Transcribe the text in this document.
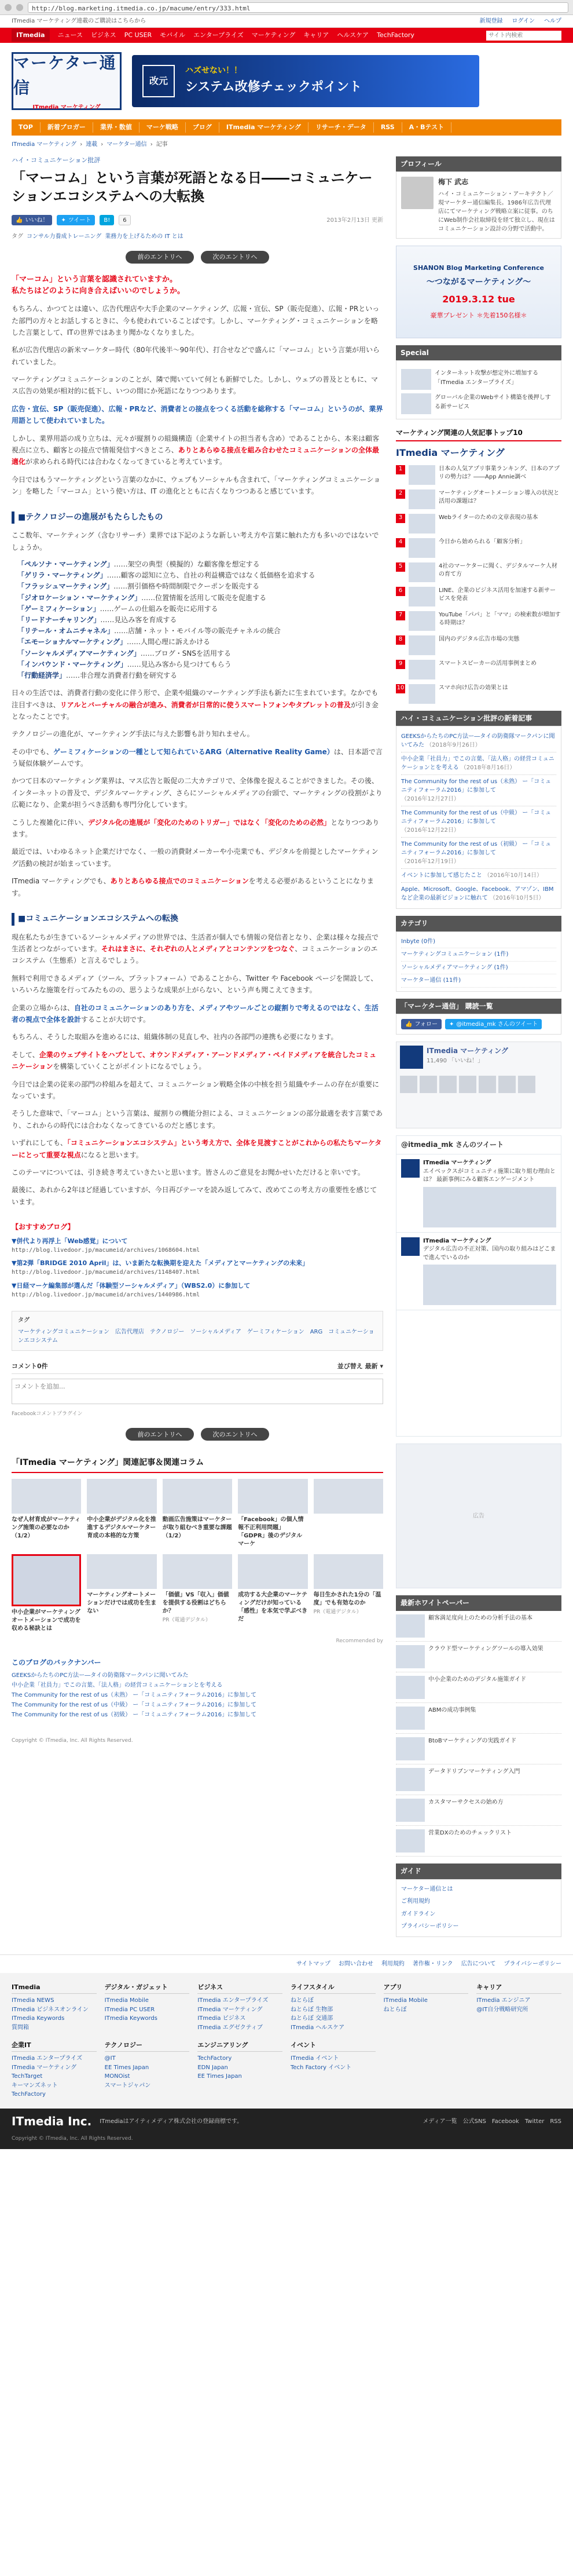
http://blog.marketing.itmedia.co.jp/macume/entry/333.html
ITmedia マーケティング連載のご購読はこちらから	新規登録 ログイン ヘルプ
ITmedia	ニュース ビジネス PC USER モバイル エンタープライズ マーケティング キャリア ヘルスケア TechFactory
サイト内検索
マーケター通信
ITmedia マーケティング
改元
ハズせない！！
システム改修チェックポイント
TOP	新着ブロガー	業界・数値	マーケ戦略	ブログ	ITmedia マーケティング	リサーチ・データ	RSS	A・Bテスト
ITmedia マーケティング › 連載 › マーケター通信 › 記事
ハイ・コミュニケーション批評
「マーコム」という言葉が死語となる日――コミュニケーションエコシステムへの大転換
👍 いいね！ ✦ ツイート B!	6	2013年2月13日 更新
タグ コンサル力養成トレーニング 業務力を上げるための IT とは
前のエントリへ	次のエントリへ
「マーコム」という言葉を認識されていますか。
私たちはどのように向き合えばいいのでしょうか。

もちろん、かつてとは違い、広告代理店や大手企業のマーケティング、広報・宣伝、SP（販売促進）、広報・PRといった部門の方々とお話しするときに、今も使われていることばです。しかし、マーケティング・コミュニケーションを略した言葉として、ITの世界ではあまり聞かなくなりました。

私が広告代理店の新米マーケター時代（80年代後半〜90年代）、打合せなどで盛んに「マーコム」という言葉が用いられていました。

マーケティングコミュニケーションのことが、隣で聞いていて何とも新鮮でした。しかし、ウェブの普及とともに、マス広告の効果が相対的に低下し、いつの間にか死語になりつつあります。

広告・宣伝、SP（販売促進）、広報・PRなど、消費者との接点をつくる活動を総称する「マーコム」というのが、業界用語として使われていました。

しかし、業界用語の成り立ちは、元々が縦割りの組織構造（企業サイトの担当者も含め）であることから、本来は顧客視点に立ち、顧客との接点で情報発信すべきところ、ありとあらゆる接点を組み合わせたコミュニケーションの全体最適化が求められる時代には合わなくなってきていると考えています。

今日ではもうマーケティングという言葉のなかに、ウェブもソーシャルも含まれて、「マーケティングコミュニケーション」を略した「マーコム」という使い方は、IT の進化とともに古くなりつつあると感じています。

■テクノロジーの進展がもたらしたもの

ここ数年、マーケティング（含むリサーチ）業界では下記のような新しい考え方や言葉に触れた方も多いのではないでしょうか。

「ペルソナ・マーケティング」……架空の典型（模擬的）な顧客像を想定する
「ゲリラ・マーケティング」……顧客の認知に立ち、自社の利益構造ではなく低価格を追求する
「フラッシュマーケティング」……割引価格や時間制限でクーポンを販売する
「ジオロケーション・マーケティング」……位置情報を活用して販売を促進する
「ゲーミフィケーション」……ゲームの仕組みを販売に応用する
「リードナーチャリング」……見込み客を育成する
「リテール・オムニチャネル」……店舗・ネット・モバイル等の販売チャネルの統合
「エモーショナルマーケティング」……人間心理に訴えかける
「ソーシャルメディアマーケティング」……ブログ・SNSを活用する
「インバウンド・マーケティング」……見込み客から見つけてもらう
「行動経済学」……非合理な消費者行動を研究する

日々の生活では、消費者行動の変化に伴う形で、企業や組織のマーケティング手法も新たに生まれています。なかでも注目すべきは、リアルとバーチャルの融合が進み、消費者が日常的に使うスマートフォンやタブレットの普及が引き金となったことです。

テクノロジーの進化が、マーケティング手法に与えた影響も計り知れません。

その中でも、ゲーミフィケーションの一種として知られているARG（Alternative Reality Game）は、日本語で言う疑似体験ゲームです。

かつて日本のマーケティング業界は、マス広告と販促の二大カテゴリで、全体像を捉えることができました。その後、インターネットの普及で、デジタルマーケティング、さらにソーシャルメディアの台頭で、マーケティングの役割がより広範になり、企業が担うべき活動も専門分化しています。

こうした複雑化に伴い、デジタル化の進展が「変化のためのトリガー」ではなく「変化のための必然」となりつつあります。

最近では、いわゆるネット企業だけでなく、一般の消費財メーカーや小売業でも、デジタルを前提としたマーケティング活動の検討が始まっています。

ITmedia マーケティングでも、ありとあらゆる接点でのコミュニケーションを考える必要があるということになります。

■コミュニケーションエコシステムへの転換

現在私たちが生きているソーシャルメディアの世界では、生活者が個人でも情報の発信者となり、企業は様々な接点で生活者とつながっています。それはまさに、それぞれの人とメディアとコンテンツをつなぐ、コミュニケーションのエコシステム（生態系）と言えるでしょう。

無料で利用できるメディア（ツール、プラットフォーム）であることから、Twitter や Facebook ページを開設して、いろいろな施策を行ってみたものの、思うような成果が上がらない、という声も聞こえてきます。

企業の立場からは、自社のコミュニケーションのあり方を、メディアやツールごとの縦割りで考えるのではなく、生活者の視点で全体を設計することが大切です。

もちろん、そうした取組みを進めるには、組織体制の見直しや、社内の各部門の連携も必要になります。

そして、企業のウェブサイトをハブとして、オウンドメディア・アーンドメディア・ペイドメディアを統合したコミュニケーションを構築していくことがポイントになるでしょう。

今日では企業の従来の部門の枠組みを超えて、コミュニケーション戦略全体の中核を担う組織やチームの存在が重要になっています。

そうした意味で、「マーコム」という言葉は、縦割りの機能分担による、コミュニケーションの部分最適を表す言葉であり、これからの時代には合わなくなってきているのだと感じます。

いずれにしても、「コミュニケーションエコシステム」という考え方で、全体を見渡すことがこれからの私たちマーケターにとって重要な視点になると思います。

このテーマについては、引き続き考えていきたいと思います。皆さんのご意見をお聞かせいただけると幸いです。

最後に、あれから2年ほど経過していますが、今日再びテーマを読み返してみて、改めてこの考え方の重要性を感じています。

【おすすめブログ】
▼併代より再浮上「Web感覚」について
http://blog.livedoor.jp/macumeid/archives/1068604.html
▼第2弾「BRIDGE 2010 April」は、いま新たな転換期を迎えた「メディアとマーケティングの未来」
http://blog.livedoor.jp/macumeid/archives/1148407.html
▼日経マーケ編集部が選んだ「体験型ソーシャルメディア」（WBS2.0）に参加して
http://blog.livedoor.jp/macumeid/archives/1440986.html
タグ
マーケティングコミュニケーション　広告代理店　テクノロジー　ソーシャルメディア　ゲーミフィケーション　ARG　コミュニケーションエコシステム
コメント0件	並び替え 最新 ▾
コメントを追加...
Facebookコメントプラグイン
前のエントリへ	次のエントリへ
「ITmedia マーケティング」関連記事＆関連コラム
なぜ人材育成がマーケティング施策の必要なのか（1/2）
中小企業がデジタル化を推進するデジタルマーケター育成の本格的な方策
動画広告施策はマーケターが取り組むべき重要な課題（1/2）
「Facebook」の個人情報不正利用問題」「GDPR」後のデジタルマーケ
中小企業がマーケティングオートメーションで成功を収める秘訣とは
マーケティングオートメーションだけでは成功を生まない
「価値」VS「収入」価値を提供する役割はどちらか？
PR（電通デジタル）
成功する大企業のマーケティングだけが知っている「感性」を本気で学ぶべきだ
毎日生かされた1分の「温度」でも有効なのか
PR（電通デジタル）
Recommended by
このブログのバックナンバー
GEEKSからたちのPC方法ー―タイの防衛隊マークパンに聞いてみた
中小企業「社員力」でこの言葉、「法人格」の経営コミュニケーションとを考える
The Community for the rest of us（未熟） ー「コミュニティフォーラム2016」に参加して
The Community for the rest of us（中級） ー「コミュニティフォーラム2016」に参加して
The Community for the rest of us（初級） ー「コミュニティフォーラム2016」に参加して
Copyright © ITmedia, Inc. All Rights Reserved.
プロフィール
梅下 武志
ハイ・コミュニケーション・アーキテクト／現マーケター通信編集長。1986年広告代理店にてマーケティング戦略立案に従事。のちにWeb制作会社取締役を経て独立し、現在はコミュニケーション設計の分野で活動中。
SHANON Blog Marketing Conference
～つながるマーケティング～
2019.3.12 tue
豪華プレゼント ＊先着150名様＊
Special
インターネット攻撃が想定外に増加する「ITmedia エンタープライズ」
グローバル企業のWebサイト構築を後押しする新サービス
マーケティング関連の人気記事トップ10
ITmedia マーケティング
1	日本の人気アプリ事業ランキング、日本のアプリの勢力は？――App Annie調べ
2	マーケティングオートメーション導入の状況と活用の課題は？
3	Webライターのための文章表現の基本
4	今日から始められる「顧客分析」
5	4社のマーケターに聞く、デジタルマーケ人材の育て方
6	LINE、企業のビジネス活用を加速する新サービスを発表
7	YouTube「パパ」と「ママ」の検索数が増加する時期は？
8	国内のデジタル広告市場の実態
9	スマートスピーカーの活用事例まとめ
10	スマホ向け広告の効果とは
ハイ・コミュニケーション批評の新着記事
GEEKSからたちのPC方法ー―タイの防衛隊マークパンに聞いてみた （2018年9月26日）
中小企業「社員力」でこの言葉、「法人格」の経営コミュニケーションとを考える （2018年8月16日）
The Community for the rest of us（未熟） ー「コミュニティフォーラム2016」に参加して （2016年12月27日）
The Community for the rest of us（中級） ー「コミュニティフォーラム2016」に参加して （2016年12月22日）
The Community for the rest of us（初級） ー「コミュニティフォーラム2016」に参加して （2016年12月19日）
イベントに参加して感じたこと （2016年10月14日）
Apple、Microsoft、Google、Facebook、アマゾン、IBMなど企業の最新ビジョンに触れて （2016年10月5日）
カテゴリ
Inbyte (0件)
マーケティングコミュニケーション (1件)
ソーシャルメディアマーケティング (1件)
マーケター通信 (11件)
「マーケター通信」 購読一覧
👍 フォロー ✦ @itmedia_mk さんのツイート
ITmedia マーケティング
11,490 「いいね！」
@itmedia_mk さんのツイート
ITmedia マーケティング
エイベックスがコミュニティ施策に取り組む理由とは？ 最新事例にみる顧客エンゲージメント
ITmedia マーケティング
デジタル広告の不正対策、国内の取り組みはどこまで進んでいるのか
広告
最新ホワイトペーパー
顧客満足度向上のための分析手法の基本
クラウド型マーケティングツールの導入効果
中小企業のためのデジタル施策ガイド
ABMの成功事例集
BtoBマーケティングの実践ガイド
データドリブンマーケティング入門
カスタマーサクセスの始め方
営業DXのためのチェックリスト
ガイド
マーケター通信とは
ご利用規約
ガイドライン
プライバシーポリシー
サイトマップ お問い合わせ 利用規約 著作権・リンク 広告について プライバシーポリシー
ITmedia
ITmedia NEWS
ITmedia ビジネスオンライン
ITmedia Keywords
質問箱
デジタル・ガジェット
ITmedia Mobile
ITmedia PC USER
ITmedia Keywords
ビジネス
ITmedia エンタープライズ
ITmedia マーケティング
ITmedia ビジネス
ITmedia エグゼクティブ
ライフスタイル
ねとらぼ
ねとらぼ 生物部
ねとらぼ 交通部
ITmedia ヘルスケア
アプリ
ITmedia Mobile
ねとらぼ
キャリア
ITmedia エンジニア
@IT自分戦略研究所
企業IT
ITmedia エンタープライズ
ITmedia マーケティング
TechTarget
キーマンズネット
TechFactory
テクノロジー
@IT
EE Times Japan
MONOist
スマートジャパン
エンジニアリング
TechFactory
EDN Japan
EE Times Japan
イベント
ITmedia イベント
Tech Factory イベント
ITmedia Inc. ITmediaはアイティメディア株式会社の登録商標です。	メディア一覧 公式SNS Facebook Twitter RSS
Copyright © ITmedia, Inc. All Rights Reserved.
